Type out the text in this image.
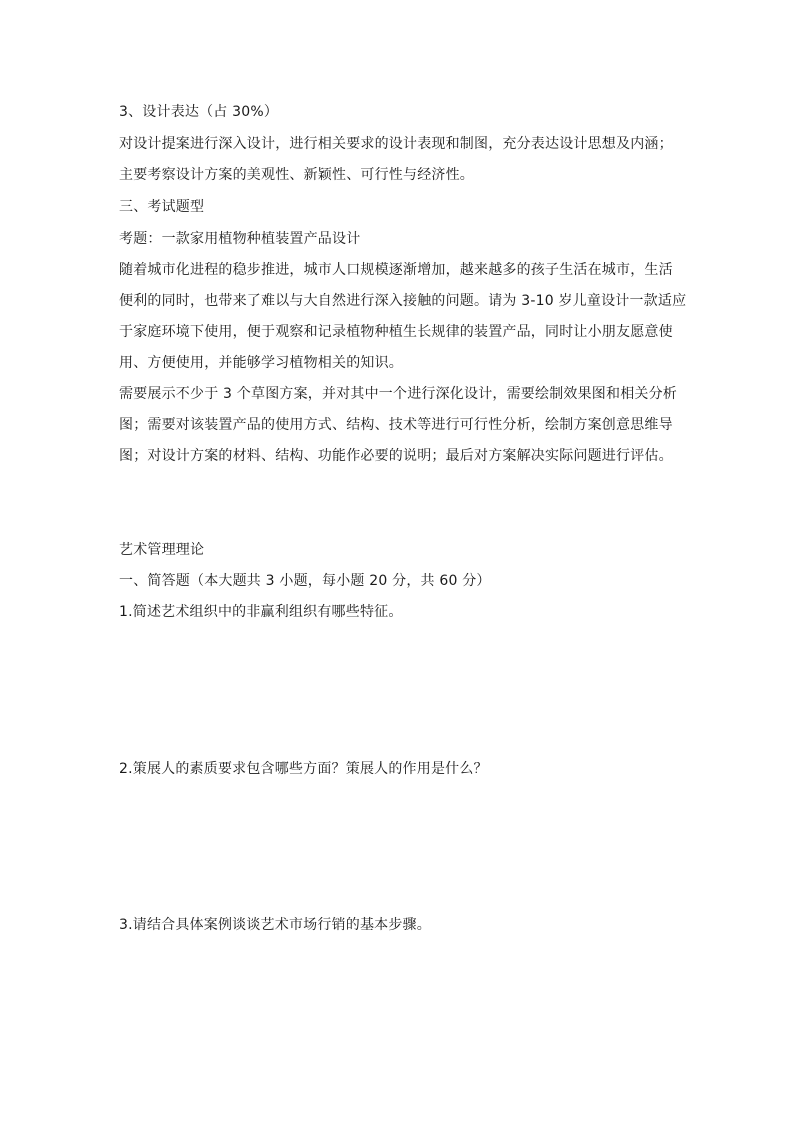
3、设计表达（占 30%）
对设计提案进行深入设计，进行相关要求的设计表现和制图，充分表达设计思想及内涵；
主要考察设计方案的美观性、新颖性、可行性与经济性。
三、考试题型
考题：一款家用植物种植装置产品设计
随着城市化进程的稳步推进，城市人口规模逐渐增加，越来越多的孩子生活在城市，生活
便利的同时，也带来了难以与大自然进行深入接触的问题。请为 3-10 岁儿童设计一款适应
于家庭环境下使用，便于观察和记录植物种植生长规律的装置产品，同时让小朋友愿意使
用、方便使用，并能够学习植物相关的知识。
需要展示不少于 3 个草图方案，并对其中一个进行深化设计，需要绘制效果图和相关分析
图；需要对该装置产品的使用方式、结构、技术等进行可行性分析，绘制方案创意思维导
图；对设计方案的材料、结构、功能作必要的说明；最后对方案解决实际问题进行评估。
艺术管理理论
一、简答题（本大题共 3 小题，每小题 20 分，共 60 分）
1.简述艺术组织中的非赢利组织有哪些特征。
2.策展人的素质要求包含哪些方面？策展人的作用是什么？
3.请结合具体案例谈谈艺术市场行销的基本步骤。
